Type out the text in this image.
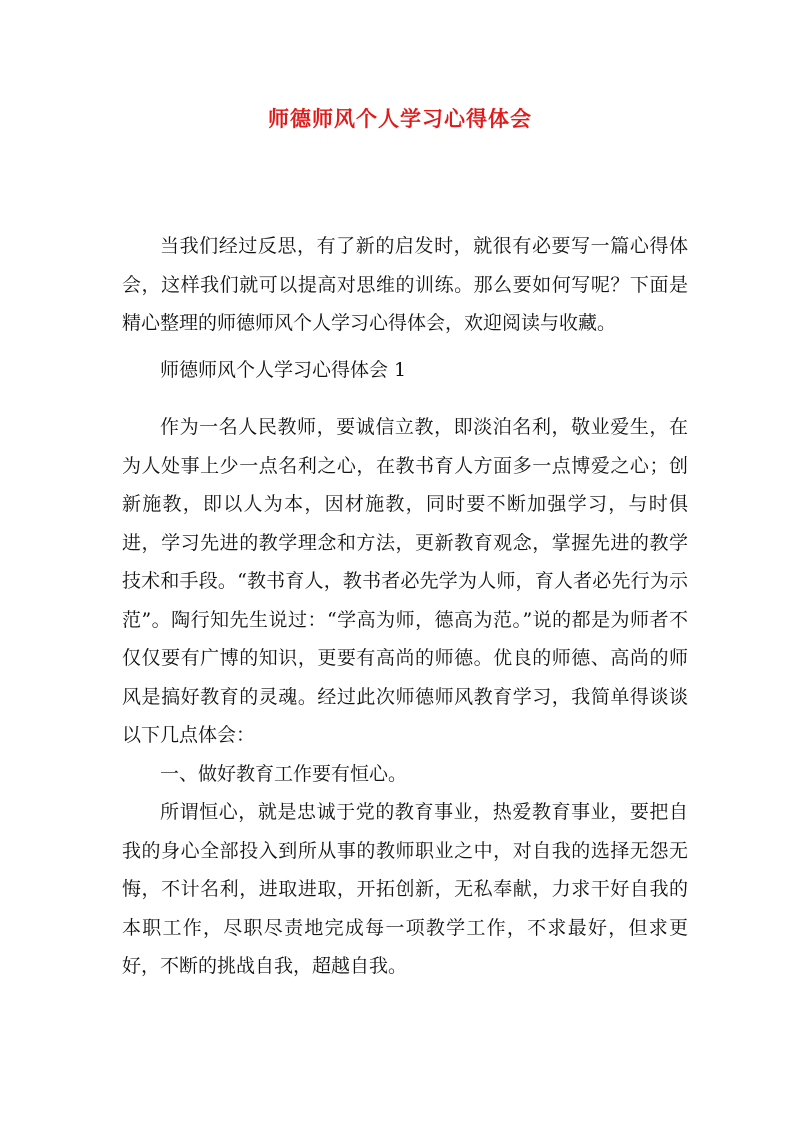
师德师风个人学习心得体会

当我们经过反思，有了新的启发时，就很有必要写一篇心得体会，这样我们就可以提高对思维的训练。那么要如何写呢？下面是精心整理的师德师风个人学习心得体会，欢迎阅读与收藏。

师德师风个人学习心得体会 1

作为一名人民教师，要诚信立教，即淡泊名利，敬业爱生，在为人处事上少一点名利之心，在教书育人方面多一点博爱之心；创新施教，即以人为本，因材施教，同时要不断加强学习，与时俱进，学习先进的教学理念和方法，更新教育观念，掌握先进的教学技术和手段。“教书育人，教书者必先学为人师，育人者必先行为示范”。陶行知先生说过：“学高为师，德高为范。”说的都是为师者不仅仅要有广博的知识，更要有高尚的师德。优良的师德、高尚的师风是搞好教育的灵魂。经过此次师德师风教育学习，我简单得谈谈以下几点体会：

一、做好教育工作要有恒心。

所谓恒心，就是忠诚于党的教育事业，热爱教育事业，要把自我的身心全部投入到所从事的教师职业之中，对自我的选择无怨无悔，不计名利，进取进取，开拓创新，无私奉献，力求干好自我的本职工作，尽职尽责地完成每一项教学工作，不求最好，但求更好，不断的挑战自我，超越自我。
